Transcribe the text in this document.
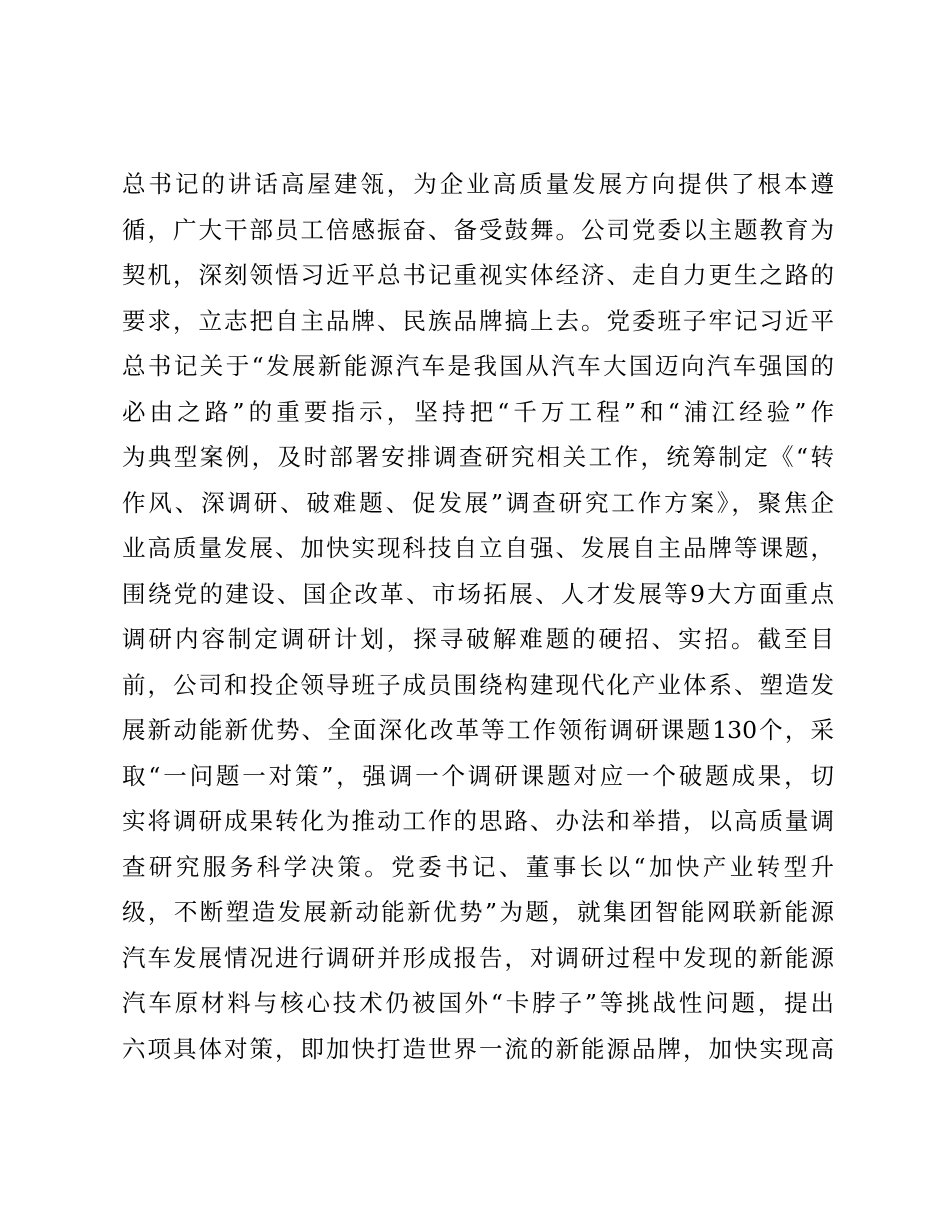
总书记的讲话高屋建瓴，为企业高质量发展方向提供了根本遵
循，广大干部员工倍感振奋、备受鼓舞。公司党委以主题教育为
契机，深刻领悟习近平总书记重视实体经济、走自力更生之路的
要求，立志把自主品牌、民族品牌搞上去。党委班子牢记习近平
总书记关于“发展新能源汽车是我国从汽车大国迈向汽车强国的
必由之路”的重要指示，坚持把“千万工程”和“浦江经验”作
为典型案例，及时部署安排调查研究相关工作，统筹制定《“转
作风、深调研、破难题、促发展”调查研究工作方案》，聚焦企
业高质量发展、加快实现科技自立自强、发展自主品牌等课题，
围绕党的建设、国企改革、市场拓展、人才发展等9大方面重点
调研内容制定调研计划，探寻破解难题的硬招、实招。截至目
前，公司和投企领导班子成员围绕构建现代化产业体系、塑造发
展新动能新优势、全面深化改革等工作领衔调研课题130个，采
取“一问题一对策”，强调一个调研课题对应一个破题成果，切
实将调研成果转化为推动工作的思路、办法和举措，以高质量调
查研究服务科学决策。党委书记、董事长以“加快产业转型升
级，不断塑造发展新动能新优势”为题，就集团智能网联新能源
汽车发展情况进行调研并形成报告，对调研过程中发现的新能源
汽车原材料与核心技术仍被国外“卡脖子”等挑战性问题，提出
六项具体对策，即加快打造世界一流的新能源品牌，加快实现高
